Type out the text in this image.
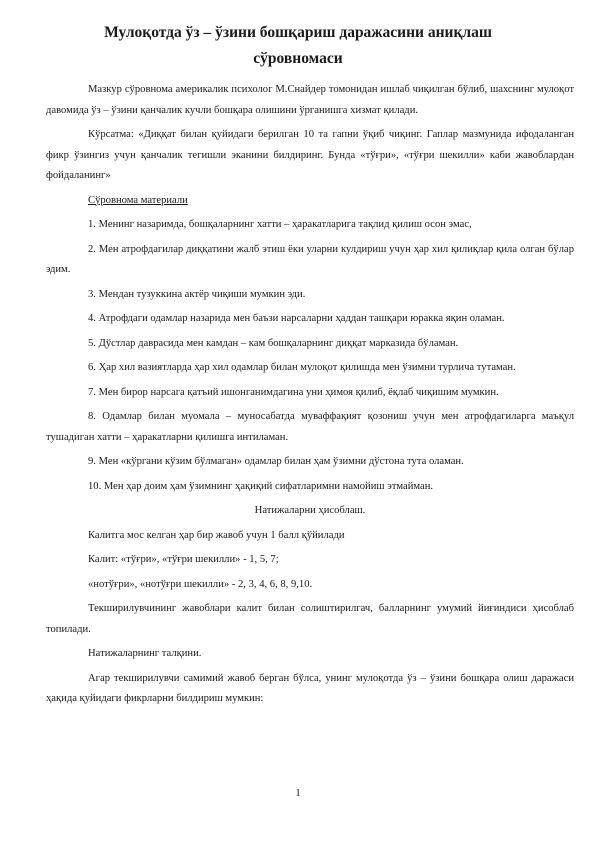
Мулоқотда ўз – ўзини бошқариш даражасини аниқлаш
сўровномаси
Мазкур сўровнома америкалик психолог М.Снайдер томонидан ишлаб чиқилган бўлиб, шахснинг мулоқот давомида ўз – ўзини қанчалик кучли бошқара олишини ўрганишга хизмат қилади.
Кўрсатма: «Диққат билан қуйидаги берилган 10 та гапни ўқиб чиқинг. Гаплар мазмунида ифодаланган фикр ўзингиз учун қанчалик тегишли эканини билдиринг. Бунда «тўғри», «тўғри шекилли» каби жавоблардан фойдаланинг»
Сўровнома материали
1. Менинг назаримда, бошқаларнинг хатти – ҳаракатларига тақлид қилиш осон эмас,
2. Мен атрофдагилар диққатини жалб этиш ёки уларни кулдириш учун ҳар хил қилиқлар қила олган бўлар эдим.
3. Мендан тузуккина актёр чиқиши мумкин эди.
4. Атрофдаги одамлар назарида мен баъзи нарсаларни ҳаддан ташқари юракка яқин оламан.
5. Дўстлар даврасида мен камдан – кам бошқаларнинг диққат марказида бўламан.
6. Ҳар хил вазиятларда ҳар хил одамлар билан мулоқот қилишда мен ўзимни турлича тутаман.
7. Мен бирор нарсага қатъий ишонганимдагина уни ҳимоя қилиб, ёқлаб чиқишим мумкин.
8. Одамлар билан муомала – муносабатда муваффақият қозониш учун мен атрофдагиларга маъқул тушадиган хатти – ҳаракатларни қилишга интиламан.
9. Мен «кўргани кўзим бўлмаган» одамлар билан ҳам ўзимни дўстона тута оламан.
10. Мен ҳар доим ҳам ўзимнинг ҳақиқий сифатларимни намойиш этмайман.
Натижаларни ҳисоблаш.
Калитга мос келган ҳар бир жавоб учун 1 балл қўйилади
Калит: «тўғри», «тўғри шекилли» - 1, 5, 7;
«нотўғри», «нотўғри шекилли» - 2, 3, 4, 6, 8, 9,10.
Текширилувчининг жавоблари калит билан солиштирилгач, балларнинг умумий йиғиндиси ҳисоблаб топилади.
Натижаларнинг талқини.
Агар текширилувчи самимий жавоб берган бўлса, унинг мулоқотда ўз – ўзини бошқара олиш даражаси ҳақида қуйидаги фикрларни билдириш мумкин:
1
